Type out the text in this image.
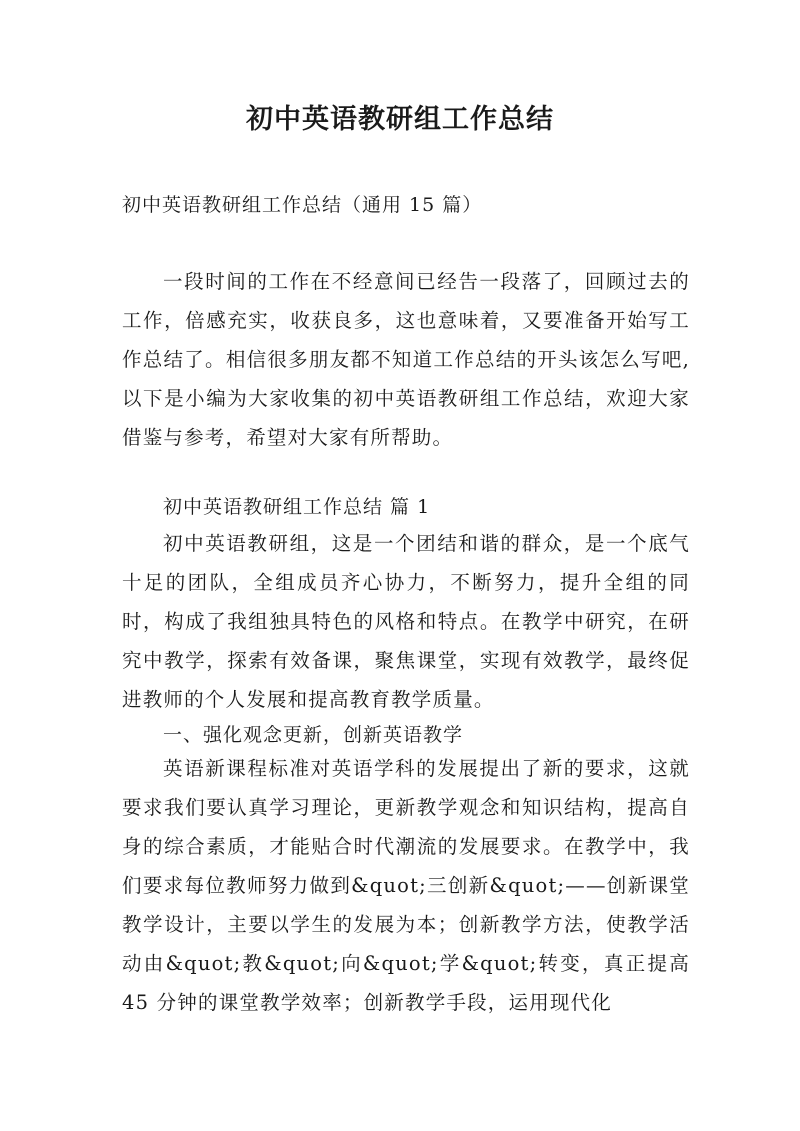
初中英语教研组工作总结
初中英语教研组工作总结（通用 15 篇）

一段时间的工作在不经意间已经告一段落了，回顾过去的工作，倍感充实，收获良多，这也意味着，又要准备开始写工作总结了。相信很多朋友都不知道工作总结的开头该怎么写吧,以下是小编为大家收集的初中英语教研组工作总结，欢迎大家借鉴与参考，希望对大家有所帮助。

初中英语教研组工作总结 篇 1

初中英语教研组，这是一个团结和谐的群众，是一个底气十足的团队，全组成员齐心协力，不断努力，提升全组的同时，构成了我组独具特色的风格和特点。在教学中研究，在研究中教学，探索有效备课，聚焦课堂，实现有效教学，最终促进教师的个人发展和提高教育教学质量。

一、强化观念更新，创新英语教学

英语新课程标准对英语学科的发展提出了新的要求，这就要求我们要认真学习理论，更新教学观念和知识结构，提高自身的综合素质，才能贴合时代潮流的发展要求。在教学中，我们要求每位教师努力做到&quot;三创新&quot;——创新课堂教学设计，主要以学生的发展为本；创新教学方法，使教学活动由&quot;教&quot;向&quot;学&quot;转变，真正提高 45 分钟的课堂教学效率；创新教学手段，运用现代化
